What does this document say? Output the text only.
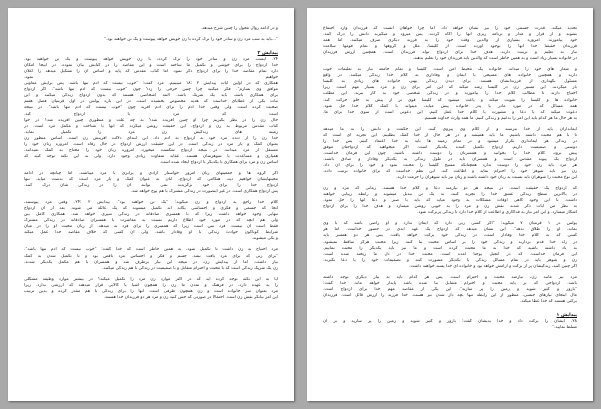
و در ادامه روال محول را چنین شرح میدهد.
"...باید به سب مرد زن و سادر خود را ترک کرده با زن خویش خواهد پیوست و یگ تن خواهند بود."
پیدایش ۲
۲۴. اپسب مرد زن و سادر خود را ترک کرده، با زن خویش خواهد پیوست و یک تن خواهند بود.
خدا ازدواج را برای خوشی و تکمیل ما ساخته است و این مقاصد را در کتابش بیان نموده. در اینجا امکان
دارد تمام مقاصد خدا را برای ازدواج ذکر نمود. اما کتاب مقدس که پایه و اساس آن را تشکیل میدهد را اعلان
خواهیم نمود.
همکاری که در اولین آیات پیدایش ۲ :۱۸ میبینیم. مرد گفت: "خوب نیست که آدم تنها باشد. پس برایش معاونی
موافق وی بسازم". فکر میکنید چرا چنین حرفی را زد؟ چون "خوب نیست که آدم تنها باشد". اگر ازدواج
برای همکاری باشد، باید یک شریک باشد. البته اشخاصی هستند که بدون ازدواج زندگی میکنند و این
ثبات یکی از عطایای خداست که هدیه مخصوص بخشیده است. در این باره پولس در اول قرنتیان فصل هفتم
صحبت کرده است. ولی وقتی خدا آدم را برای آدم آفرید چون "خوب نیست که آدم تنها باشد". در نتیجه
است که مرد با ازدواج کند.
حال زن را در نظر بگیریم چرا او چنین آفریده شد؟ به چه علت و منظوری چنین آفریده شد؟ در حوا
کتاب مقدس مربوط به زن و ازدواج، این حقیقت روشن میگردد که آنها با شناخت و مکمل مرد است. در
زمینه های زندگیش زن مرد را تکمیل نماید.
خدا زن را از دنده مرد خود به ازدواج به آدم داد. این ابتدای دلالت افرینش زن است. اساس منظور زن
بعنوان کمک و یار مرد در زندگی است. در این حقیقت ارزش ازدواج در حال رفاه است. امروزه زنان خود را
مستقل از مرد میدانند. در نتیجه ازدواج شکست میخورد. امروزه زنان خود را محتاج به کمک نمیدانند.
همیاری و مساعدت با شوهرشان هستند. عقاید متفاوت زیادی وجود دارد. ولی به این نکته توجه کنید که
اساس زن و مرد برای همکاری با یکدیگر با ازدواج ایجاد شده است.
اگر گروه ها و جمعیتهای زنان امروز خواستار آزادی و برابری با مرد میباشند. اما چنانچه در ادامه
محبتهایشان خواهیم دید، هنگامی که ازدواج، آنان به عنوان کمک و یار مرد است که بدست میاید. تنها
ازدواج خدا را برای خود برگزیدند نمی توانند آن را در زندگی شان درک کنند.
پس ازدواج همکاری است. در غیر اینصورت در زندگی مشترک با هم پوچ خواهد شد.
کلام خدا راجع به ازدواج و زن میگوید: "یک تن خواهند بود". پیدایش ۲ :۲۴. وقتی مرد پیوستند،
آنجا که جسمی و فکری و احساسی یگانه اند تکمیل میشوند که یک عائله می شوند. بعد از آن ازدواج
تنهایی وجود خواهد داشت زیرا که با همسری صادقانه در زندگی سپری خواهد شد. همکاری کامل بین
ولی هم آنچه که در مورد خود اطلاع داریم نسبت به معاشرت با همسران صادقانه در زندگی مشترک
فقط است آن نیست. فرد سن است زیرا که همسری را برای فرد به میدهد. از زبان محبت او را در میان
شرایط کوناگون حوادث زندگی با او وفادار باشد. ولی آن کسی که خلاف مقاصد خدا عمل میکند
و یکی میشوند.
مرد احتیاج به زن داشت تا تکمیل شود، به همین خاطر است که خدا گفت: "خوب نیست که آدم تنها باشد".
"برای زنی که برای مرد یافت نشد. جسم و فکر و احساس مرد ناقص بود و تا تکمیل شدن به کمک
نیاز داشت. اما از پیدایش زن، در نتیجه این نیاز برطرف شد و همسران با هم مکمل یکدیگر شدند.
زن یک شریک زندگی است که با محبت و احترام متقابل و با صمیمیت در زندگی با هم زندگی میکنند.
آیا به این نکته توجه کرده اید که در اکثر موارد زن مرد را تکمیل میکند؟ در بیشتر موارد وظیفه مشکلی
را به عهده دارد، در فرهنگ و تمدن ما زن را همچون اشیا یا کالایی قرار میدهند که ارزشی ندارد. زیرا
مرد بعنوان سر خانواده است و زن همچون ظرفی است. آنها را برای زندگی با هم مقدر کرده و بدین ترتیب
این امر بیانگر نقش زن است. احتمالا در صورتی که حس کنید زن و مرد هر دو فرزندان خدا هستند.
تحدید میکند. قدرت جسمی خود را نیز نشان خواهد داد. اما چرا خواهان آنست که فرزندان وارد اجتماع
بشوند و از قرار و مدار و برنامه ریزی آنها را آگاه گردند. پس میرود و میگیرند دانش را درک کنند.
خود بیاموزند. امروزه بسیاری از والدین وقت خود را به فرزند دیگری صرف میکنند. اما همه
فرزندان حقیقتا خدا آنها را بوجود آورده است. از کلیسا، ملل و گروهها و تمام قومها سلامت
نیاز به تعلیم و تربیت دارند. هدف خدا برای ازدواج تولد فرزندان است. همچنین ارزش فرزندان
در خانواده بسیار زیاد است و به همین خاطر است که والدین باید فرزندان خود را تعلیم بدهند.
و شعار های خود را میداند. خانواده یک محیط امن است. کلیسا و تمام جامعه نیاز به تعلیمات خوب
دارند و همچنین خانواده های مسیحی با ایمان و وفاداری به کلام خدا زندگی میکنند. در واقع
مسئول نگهداری از فرزندانشان هستند. برای دیدن زندگی بهتر، خانواده های زیادی به کلیسا
باز میگردند. این مسیر زن در کلیسا رشد میکند که این امر برای زن و مرد بسیار مهم است. زیرا
احتیاج دارند تا مطالب کلام خدا را بیاموزند و در زندگی شخصی خود به کار ببرند. این مطلب
خانواده ها و کلیسا را تقویت میکند و باعث میشود که کلیسا قوی تر از پیش به جلو حرکت کند.
همه مسائل که در مورد مادر یا پدر خانواده پیش میاید، میتواند با کمک کلام خدا حل شود.
دعوت میکند که با دعا و مشورت با کلام خدا عمل کنیم. این دعوتی است از سوی خدا برای ما.
به هر حال ما هر کدام باید این امر را بدانیم و زندگی کنیم. ما همه وارث خداوند هستیم.
ایمانداران باید از خدا بترسند و از کلام وی پیروی کنند. این حکمت و دانش را به ما میدهد
تا با هم محبت داشته باشیم. ما باید همیشه و در هر حال از خدا کمک بطلبیم. این تجربه ای است که
در زندگی هر ایمانداری تکرار میشود و در تمام زمینه ها باید به خدا اعتماد کنیم. پس خدا را
دوستی و صمیمیت داریم. ازدواج تکمیل کننده یکدیگر است. اگر میخواهید که ازدواجتان موفق
پیش برود، کلام خدا را بخوانید و همسرتان را دوست داشته باشید، چون این فرمان خداست.
ازدواج یک پیوند مقدس است و همسران باید در طول زندگی به یکدیگر وفادار و صادق باشند.
هر مرد باید زن خود را دوست بدارد همچنانکه مسیح کلیسا را محبت نمود و خود را برای آن داد.
زن نیز باید شوهر خود را احترام نماید و اطاعت کند. این نظم خداست که برای خانواده ترتیب داده.
این نوع محبت را شوهران باید نسبت به زنان خود داشته باشند و زنان نیز باید شوهران را حرمت دارند.
که ازدواج یک حقیقت است. در نتیجه هر دو نیازمند دعا و کلام خدا هستند. زمانی که مرد و زن
در بالاترین سطح زندگی عشق خدا را تجربه کنند، به یک تن تبدیل میشوند و رابطه زیبایی خواهند
داشت. با این وجود گاهی اوقات مشکلات به وجود میاید که باید با صبر و دعا آنها را حل نمود.
به نظر من آیات ذکر شده، نقش زن و مرد را به خوبی روشن میسازد و هدف خدا را برای ازدواج
آشکار میسازد. و این امر نیاز به فداکاری و اطاعت از کلام خدا دارد تا زندگی پربرکت شود.
پولس در ۱ قرنتیان ۷ میگوید: "اگر کسی زنی دارد که ایمان ندارد و او راضی باشد که با وی
بماند، او را طلاق ندهد". این نشان میدهد که ازدواج یک عهد ابدی در حضور خداست. اما هر
کسی که به کلام خدا وفادار است، در زندگی خود برکت خواهد یافت. پس هر دو همسر باید
در راه خدا قدم بردارند و زندگی خود را بر اساس محبت بنا کنند. زیرا محبت هرگز ساقط نمیشود.
به یاد داشته باشید که خدا به ما محبت کرده است و ما نیز باید یکدیگر را محبت نماییم.
این فرمان خداست. که در انجیل یوحنا آمده است. محبت خدا در دل ما ریخته شده است.
زن و شوهر باید در تمام مسائل زندگی با یکدیگر مشورت کنند و تصمیمات خود را با دعا بگیرند.
اگر چنین کنند، زندگیشان پر از برکت و آرامش خواهد بود و خانواده ای خدا پسند خواهند داشت.
مرد نیز مانند زن، نیازمند محبت و احترام است. پس هر کدام باید به نیاز دیگری توجه داشته
باشد. ازدواجی که بر پایه محبت و احترام متقابل بنا شده باشد پایدار خواهد ماند. خدا گفت:
"بارور و کثیر شوید و زمین را پر سازید". این یکی از مقاصد مهم خدا برای ازدواج است.
مال اینجای نیازهای جنسی، منظور از این رابطه تنها بچه دار شدن نیز هست. خدا فرزند را ارزش قائل است. فرزندان
برکتی هستند که خدا عطا میکند.
پیدایش ۱
۲۸. ایشان را برکت داد و خدا بدیشان گفت: بارور و کثیر شوید و زمین را پر سازید و بر آن
تسلط نمایید."
